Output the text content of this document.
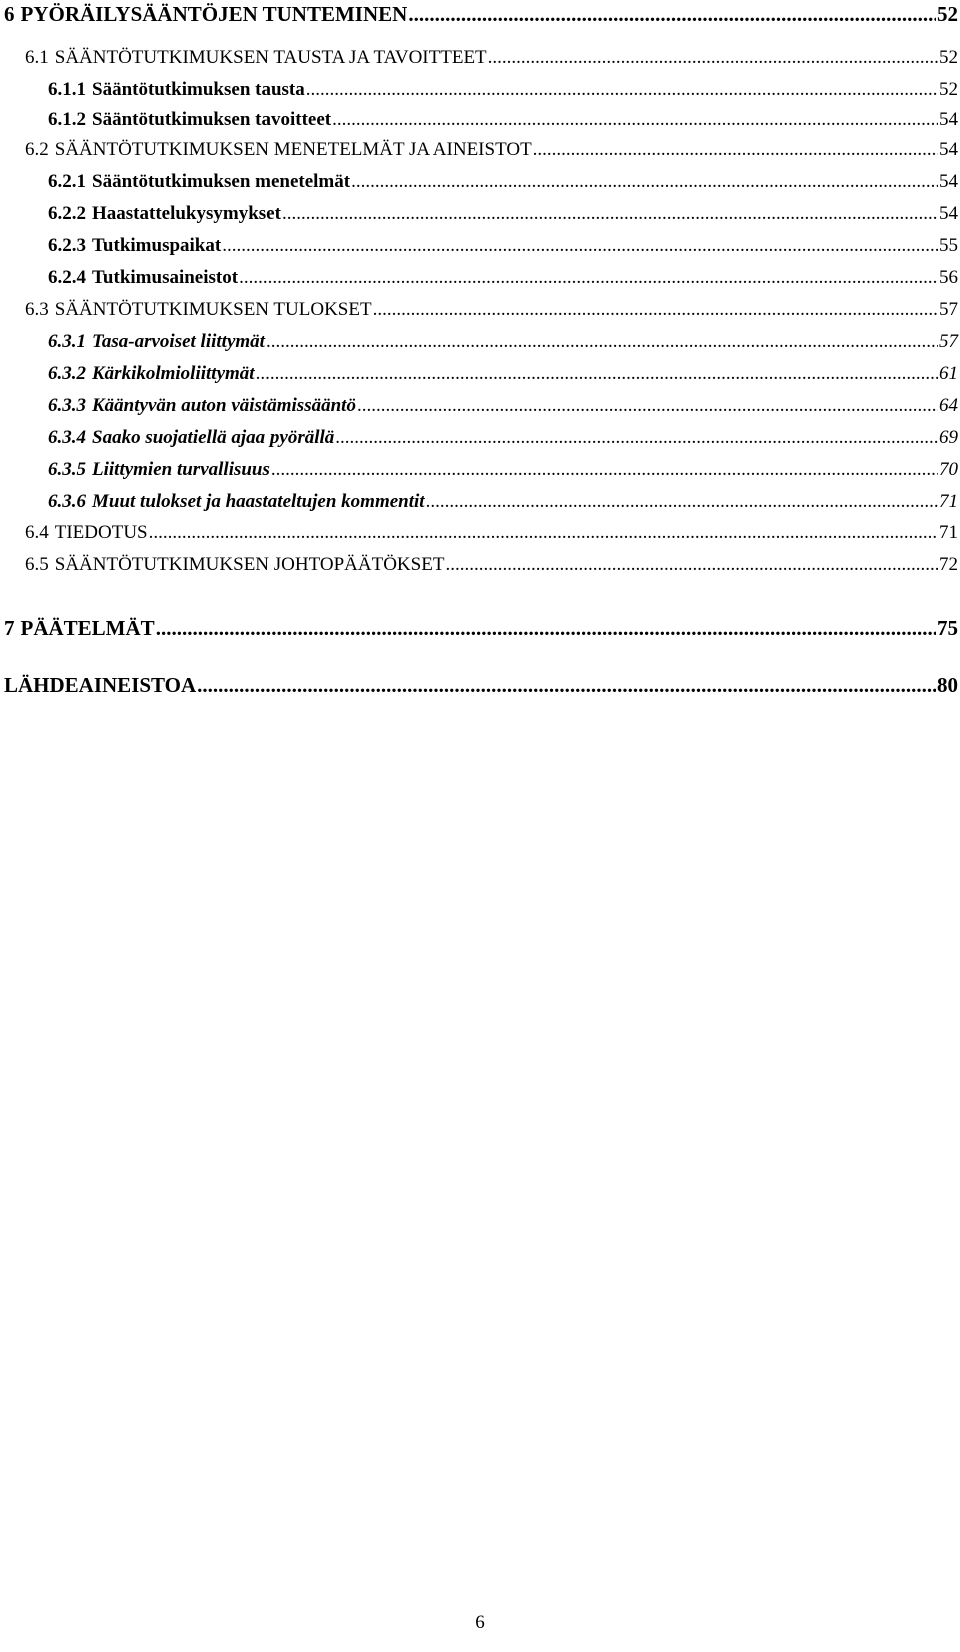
6 PYÖRÄILYSÄÄNTÖJEN TUNTEMINEN .....	52
6.1 SÄÄNTÖTUTKIMUKSEN TAUSTA JA TAVOITTEET .....	52
6.1.1 Sääntötutkimuksen tausta .....	52
6.1.2 Sääntötutkimuksen tavoitteet .....	54
6.2 SÄÄNTÖTUTKIMUKSEN MENETELMÄT JA AINEISTOT .....	54
6.2.1 Sääntötutkimuksen menetelmät .....	54
6.2.2 Haastattelukysymykset .....	54
6.2.3 Tutkimuspaikat .....	55
6.2.4 Tutkimusaineistot .....	56
6.3 SÄÄNTÖTUTKIMUKSEN TULOKSET .....	57
6.3.1 Tasa-arvoiset liittymät .....	57
6.3.2 Kärkikolmioliittymät .....	61
6.3.3 Kääntyvän auton väistämissääntö .....	64
6.3.4 Saako suojatiellä ajaa pyörällä .....	69
6.3.5 Liittymien turvallisuus .....	70
6.3.6 Muut tulokset ja haastateltujen kommentit .....	71
6.4 TIEDOTUS .....	71
6.5 SÄÄNTÖTUTKIMUKSEN JOHTOPÄÄTÖKSET .....	72
7 PÄÄTELMÄT .....	75
LÄHDEAINEISTOA .....	80
6
